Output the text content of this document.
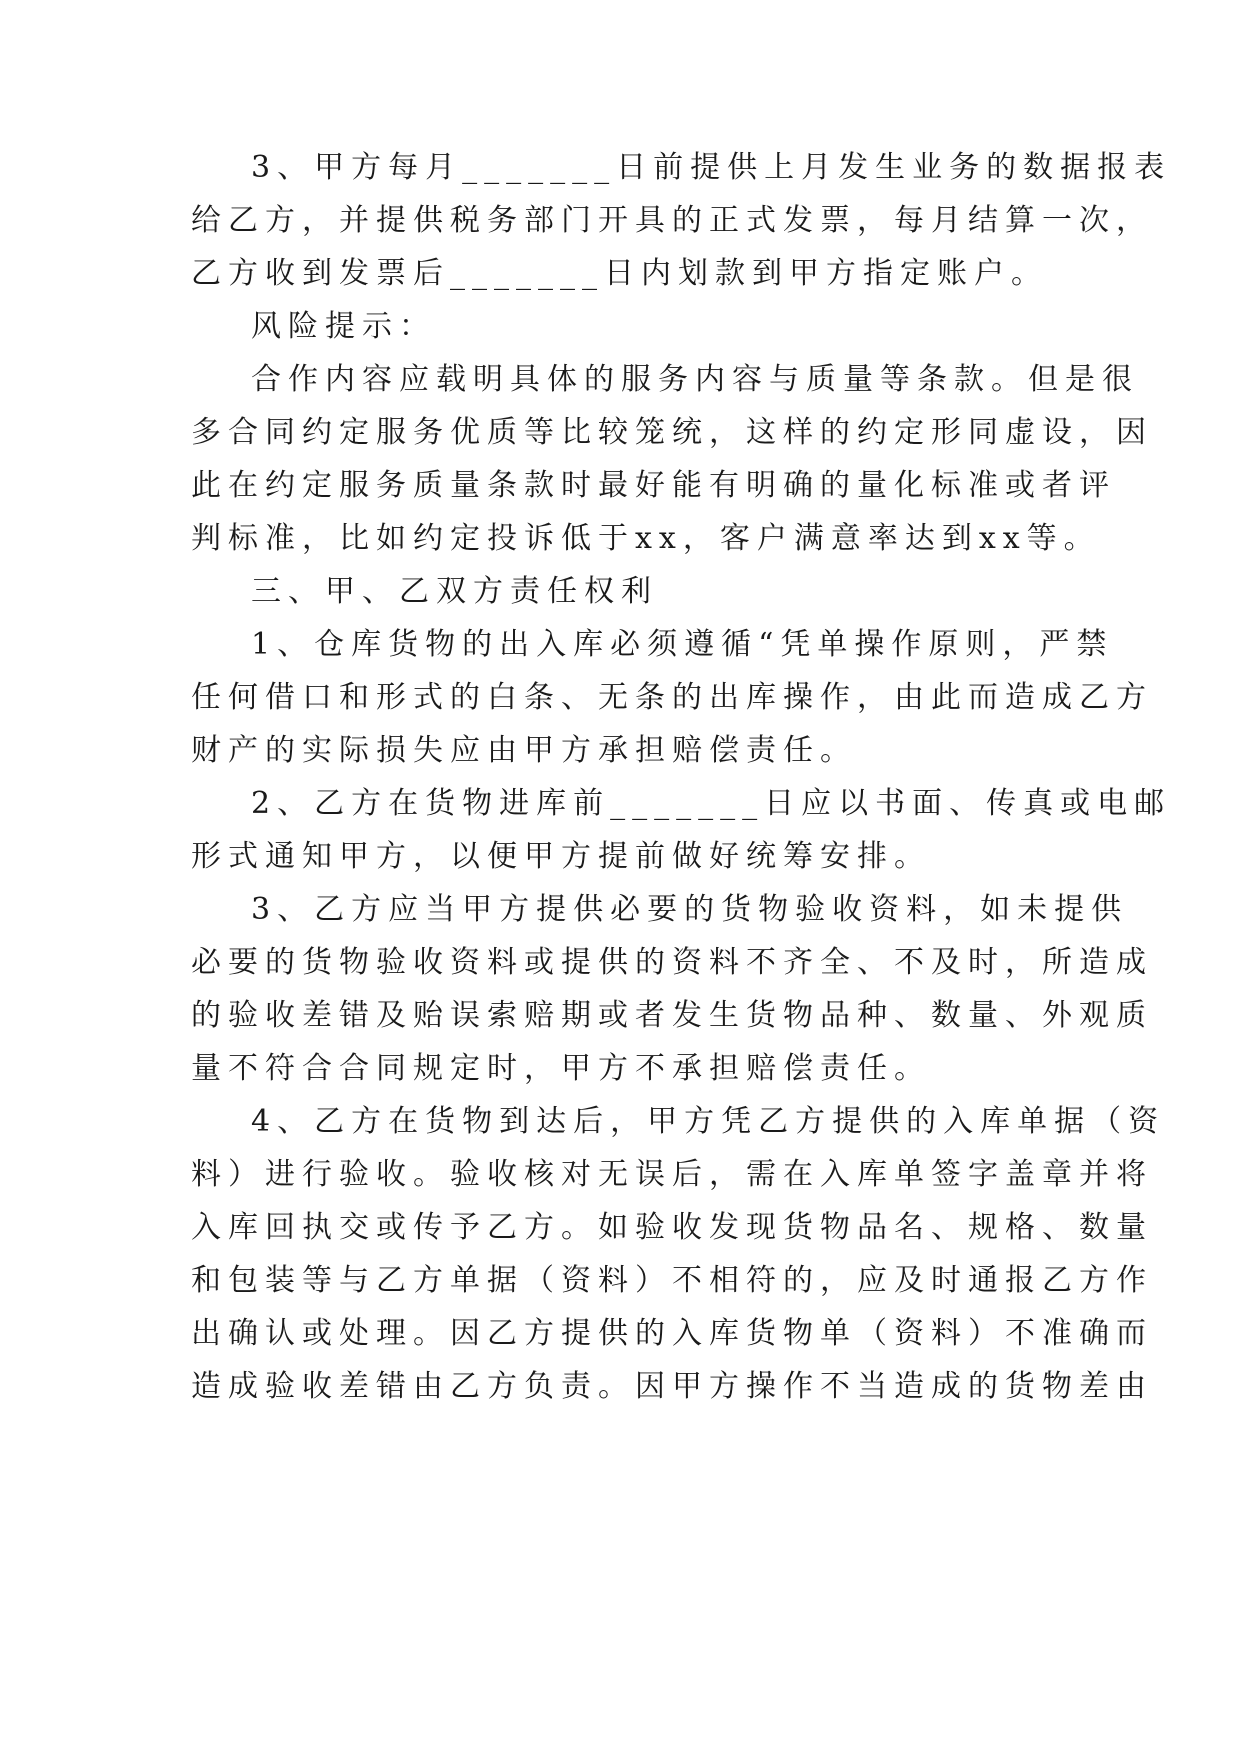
3、甲方每月_______日前提供上月发生业务的数据报表

给乙方，并提供税务部门开具的正式发票，每月结算一次，

乙方收到发票后_______日内划款到甲方指定账户。

风险提示：

合作内容应载明具体的服务内容与质量等条款。但是很

多合同约定服务优质等比较笼统，这样的约定形同虚设，因

此在约定服务质量条款时最好能有明确的量化标准或者评

判标准，比如约定投诉低于xx，客户满意率达到xx等。

三、甲、乙双方责任权利

1、仓库货物的出入库必须遵循“凭单操作原则，严禁

任何借口和形式的白条、无条的出库操作，由此而造成乙方

财产的实际损失应由甲方承担赔偿责任。

2、乙方在货物进库前_______日应以书面、传真或电邮

形式通知甲方，以便甲方提前做好统筹安排。

3、乙方应当甲方提供必要的货物验收资料，如未提供

必要的货物验收资料或提供的资料不齐全、不及时，所造成

的验收差错及贻误索赔期或者发生货物品种、数量、外观质

量不符合合同规定时，甲方不承担赔偿责任。

4、乙方在货物到达后，甲方凭乙方提供的入库单据（资

料）进行验收。验收核对无误后，需在入库单签字盖章并将

入库回执交或传予乙方。如验收发现货物品名、规格、数量

和包装等与乙方单据（资料）不相符的，应及时通报乙方作

出确认或处理。因乙方提供的入库货物单（资料）不准确而

造成验收差错由乙方负责。因甲方操作不当造成的货物差由
